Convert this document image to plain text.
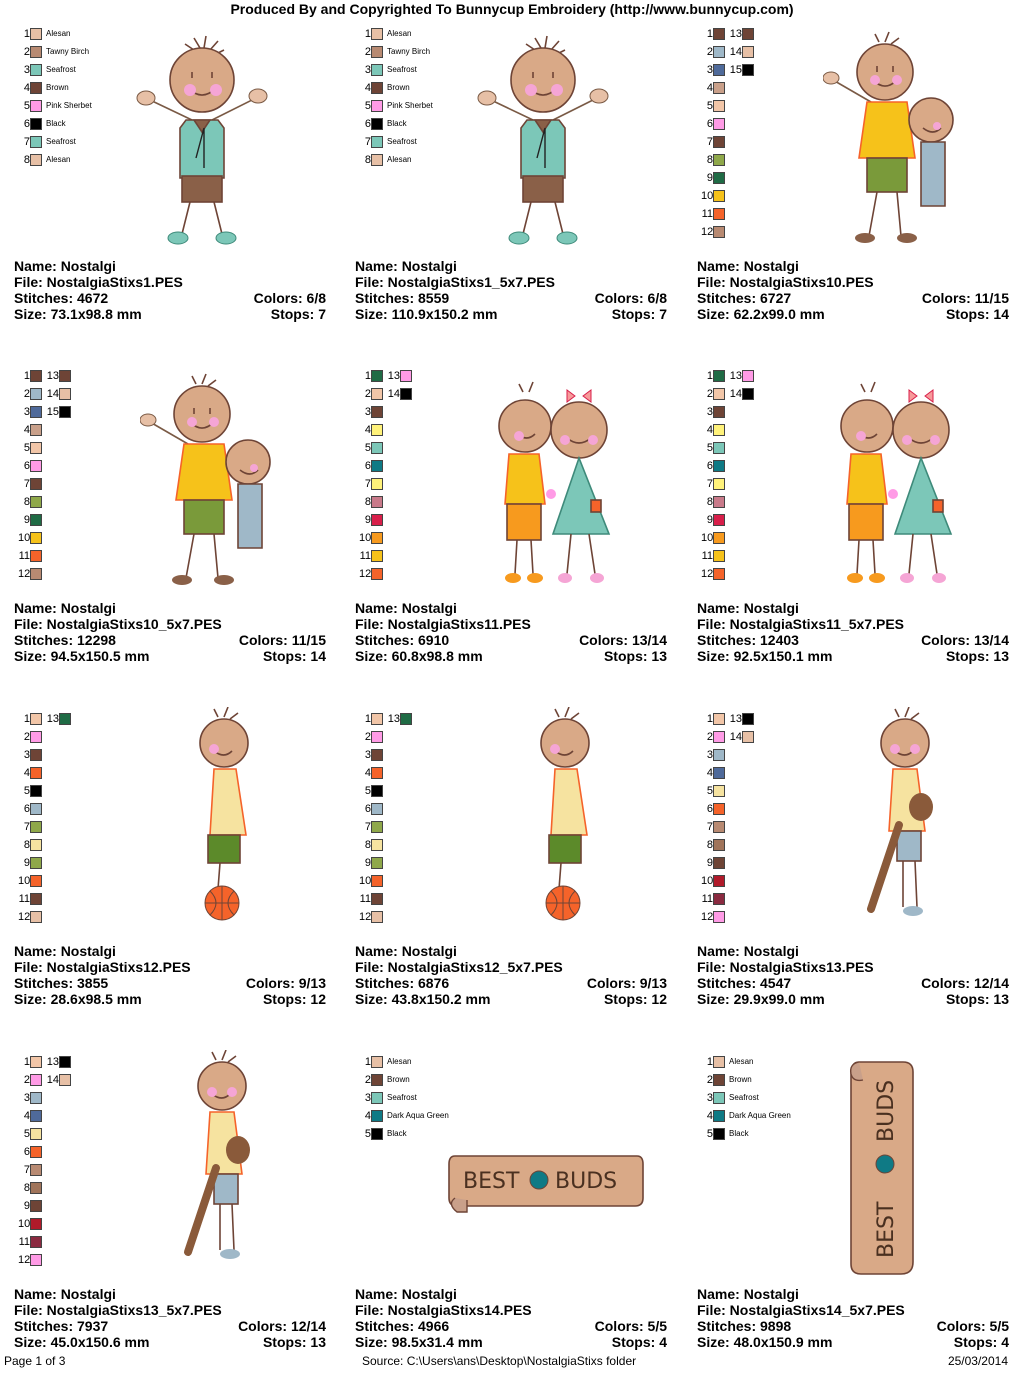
Produced By and Copyrighted To Bunnycup Embroidery (http://www.bunnycup.com)
1 Alesan
2 Tawny Birch
3 Seafrost
4 Brown
5 Pink Sherbet
6 Black
7 Seafrost
8 Alesan
Name: Nostalgi
File: NostalgiaStixs1.PES
Stitches: 4672	Colors: 6/8
Size: 73.1x98.8 mm	Stops: 7
1 Alesan
2 Tawny Birch
3 Seafrost
4 Brown
5 Pink Sherbet
6 Black
7 Seafrost
8 Alesan
Name: Nostalgi
File: NostalgiaStixs1_5x7.PES
Stitches: 8559	Colors: 6/8
Size: 110.9x150.2 mm	Stops: 7
1 13
2 14
3 15
4
5
6
7
8
9
10
11
12
Name: Nostalgi
File: NostalgiaStixs10.PES
Stitches: 6727	Colors: 11/15
Size: 62.2x99.0 mm	Stops: 14
1 13
2 14
3 15
4
5
6
7
8
9
10
11
12
Name: Nostalgi
File: NostalgiaStixs10_5x7.PES
Stitches: 12298	Colors: 11/15
Size: 94.5x150.5 mm	Stops: 14
1 13
2 14
3
4
5
6
7
8
9
10
11
12
Name: Nostalgi
File: NostalgiaStixs11.PES
Stitches: 6910	Colors: 13/14
Size: 60.8x98.8 mm	Stops: 13
1 13
2 14
3
4
5
6
7
8
9
10
11
12
Name: Nostalgi
File: NostalgiaStixs11_5x7.PES
Stitches: 12403	Colors: 13/14
Size: 92.5x150.1 mm	Stops: 13
1 13
2
3
4
5
6
7
8
9
10
11
12
Name: Nostalgi
File: NostalgiaStixs12.PES
Stitches: 3855	Colors: 9/13
Size: 28.6x98.5 mm	Stops: 12
1 13
2
3
4
5
6
7
8
9
10
11
12
Name: Nostalgi
File: NostalgiaStixs12_5x7.PES
Stitches: 6876	Colors: 9/13
Size: 43.8x150.2 mm	Stops: 12
1 13
2 14
3
4
5
6
7
8
9
10
11
12
Name: Nostalgi
File: NostalgiaStixs13.PES
Stitches: 4547	Colors: 12/14
Size: 29.9x99.0 mm	Stops: 13
1 13
2 14
3
4
5
6
7
8
9
10
11
12
Name: Nostalgi
File: NostalgiaStixs13_5x7.PES
Stitches: 7937	Colors: 12/14
Size: 45.0x150.6 mm	Stops: 13
1 Alesan
2 Brown
3 Seafrost
4 Dark Aqua Green
5 Black
BEST BUDS
Name: Nostalgi
File: NostalgiaStixs14.PES
Stitches: 4966	Colors: 5/5
Size: 98.5x31.4 mm	Stops: 4
1 Alesan
2 Brown
3 Seafrost
4 Dark Aqua Green
5 Black
BEST
BUDS
Name: Nostalgi
File: NostalgiaStixs14_5x7.PES
Stitches: 9898	Colors: 5/5
Size: 48.0x150.9 mm	Stops: 4
Page 1 of 3	Source: C:\Users\ans\Desktop\NostalgiaStixs folder	25/03/2014
